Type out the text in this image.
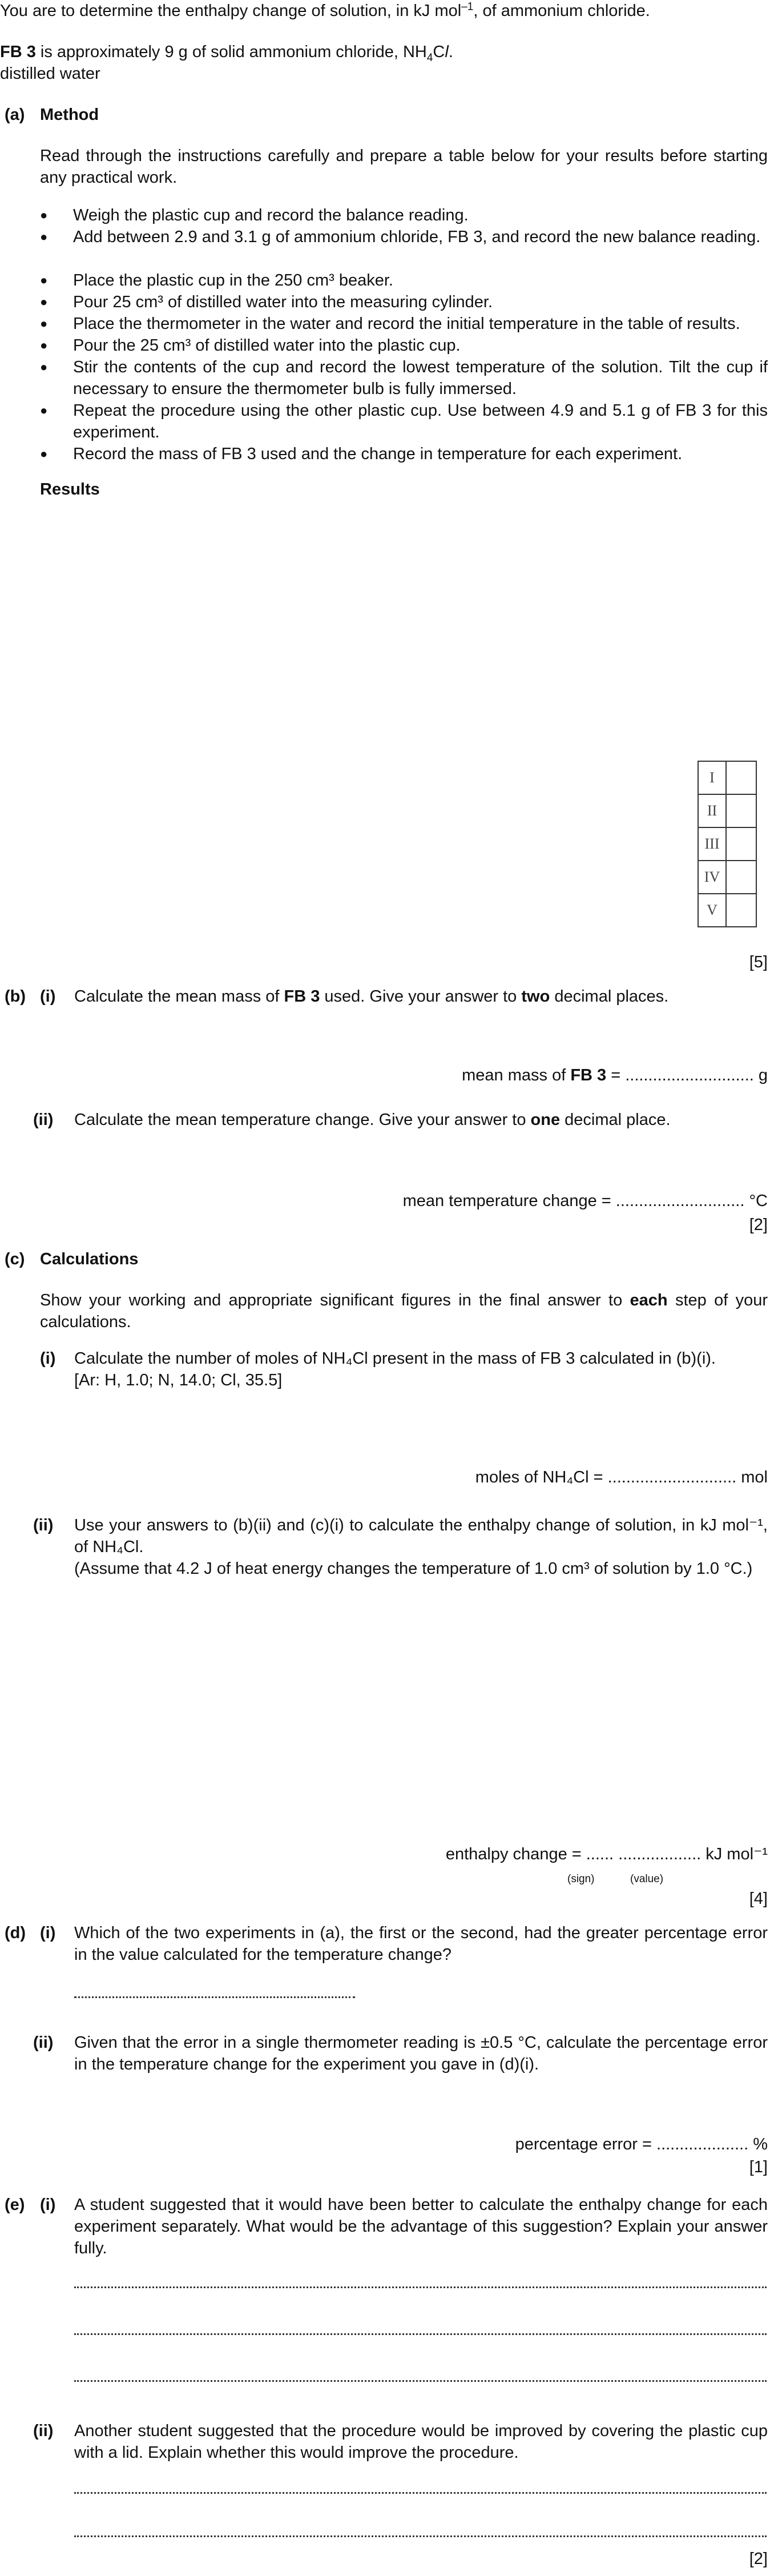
You are to determine the enthalpy change of solution, in kJ mol$^{-1}$, of ammonium chloride.
FB 3 is approximately 9 g of solid ammonium chloride, $NH_4Cl$.
distilled water
(a) Method
Read through the instructions carefully and prepare a table below for your results before starting any practical work.
● Weigh the plastic cup and record the balance reading.
● Add between 2.9 and 3.1 g of ammonium chloride, FB 3, and record the new balance reading.
● Place the plastic cup in the 250 cm³ beaker.
● Pour 25 cm³ of distilled water into the measuring cylinder.
● Place the thermometer in the water and record the initial temperature in the table of results.
● Pour the 25 cm³ of distilled water into the plastic cup.
● Stir the contents of the cup and record the lowest temperature of the solution. Tilt the cup if necessary to ensure the thermometer bulb is fully immersed.
● Repeat the procedure using the other plastic cup. Use between 4.9 and 5.1 g of FB 3 for this experiment.
● Record the mass of FB 3 used and the change in temperature for each experiment.
Results
I	
II	
III	
IV	
V	
[5]
(b) (i) Calculate the mean mass of FB 3 used. Give your answer to two decimal places.
mean mass of FB 3 = ............................ g
(ii) Calculate the mean temperature change. Give your answer to one decimal place.
mean temperature change = ............................ °C
[2]
(c) Calculations
Show your working and appropriate significant figures in the final answer to each step of your calculations.
(i) Calculate the number of moles of NH₄Cl present in the mass of FB 3 calculated in (b)(i).
[Ar: H, 1.0; N, 14.0; Cl, 35.5]
moles of NH₄Cl = ............................ mol
(ii) Use your answers to (b)(ii) and (c)(i) to calculate the enthalpy change of solution, in kJ mol⁻¹, of NH₄Cl.
(Assume that 4.2 J of heat energy changes the temperature of 1.0 cm³ of solution by 1.0 °C.)
enthalpy change = ...... .................. kJ mol⁻¹
(sign)	(value)
[4]
(d) (i) Which of the two experiments in (a), the first or the second, had the greater percentage error in the value calculated for the temperature change?
(ii) Given that the error in a single thermometer reading is ±0.5 °C, calculate the percentage error in the temperature change for the experiment you gave in (d)(i).
percentage error = .................... %
[1]
(e) (i) A student suggested that it would have been better to calculate the enthalpy change for each experiment separately. What would be the advantage of this suggestion? Explain your answer fully.
(ii) Another student suggested that the procedure would be improved by covering the plastic cup with a lid. Explain whether this would improve the procedure.
[2]
